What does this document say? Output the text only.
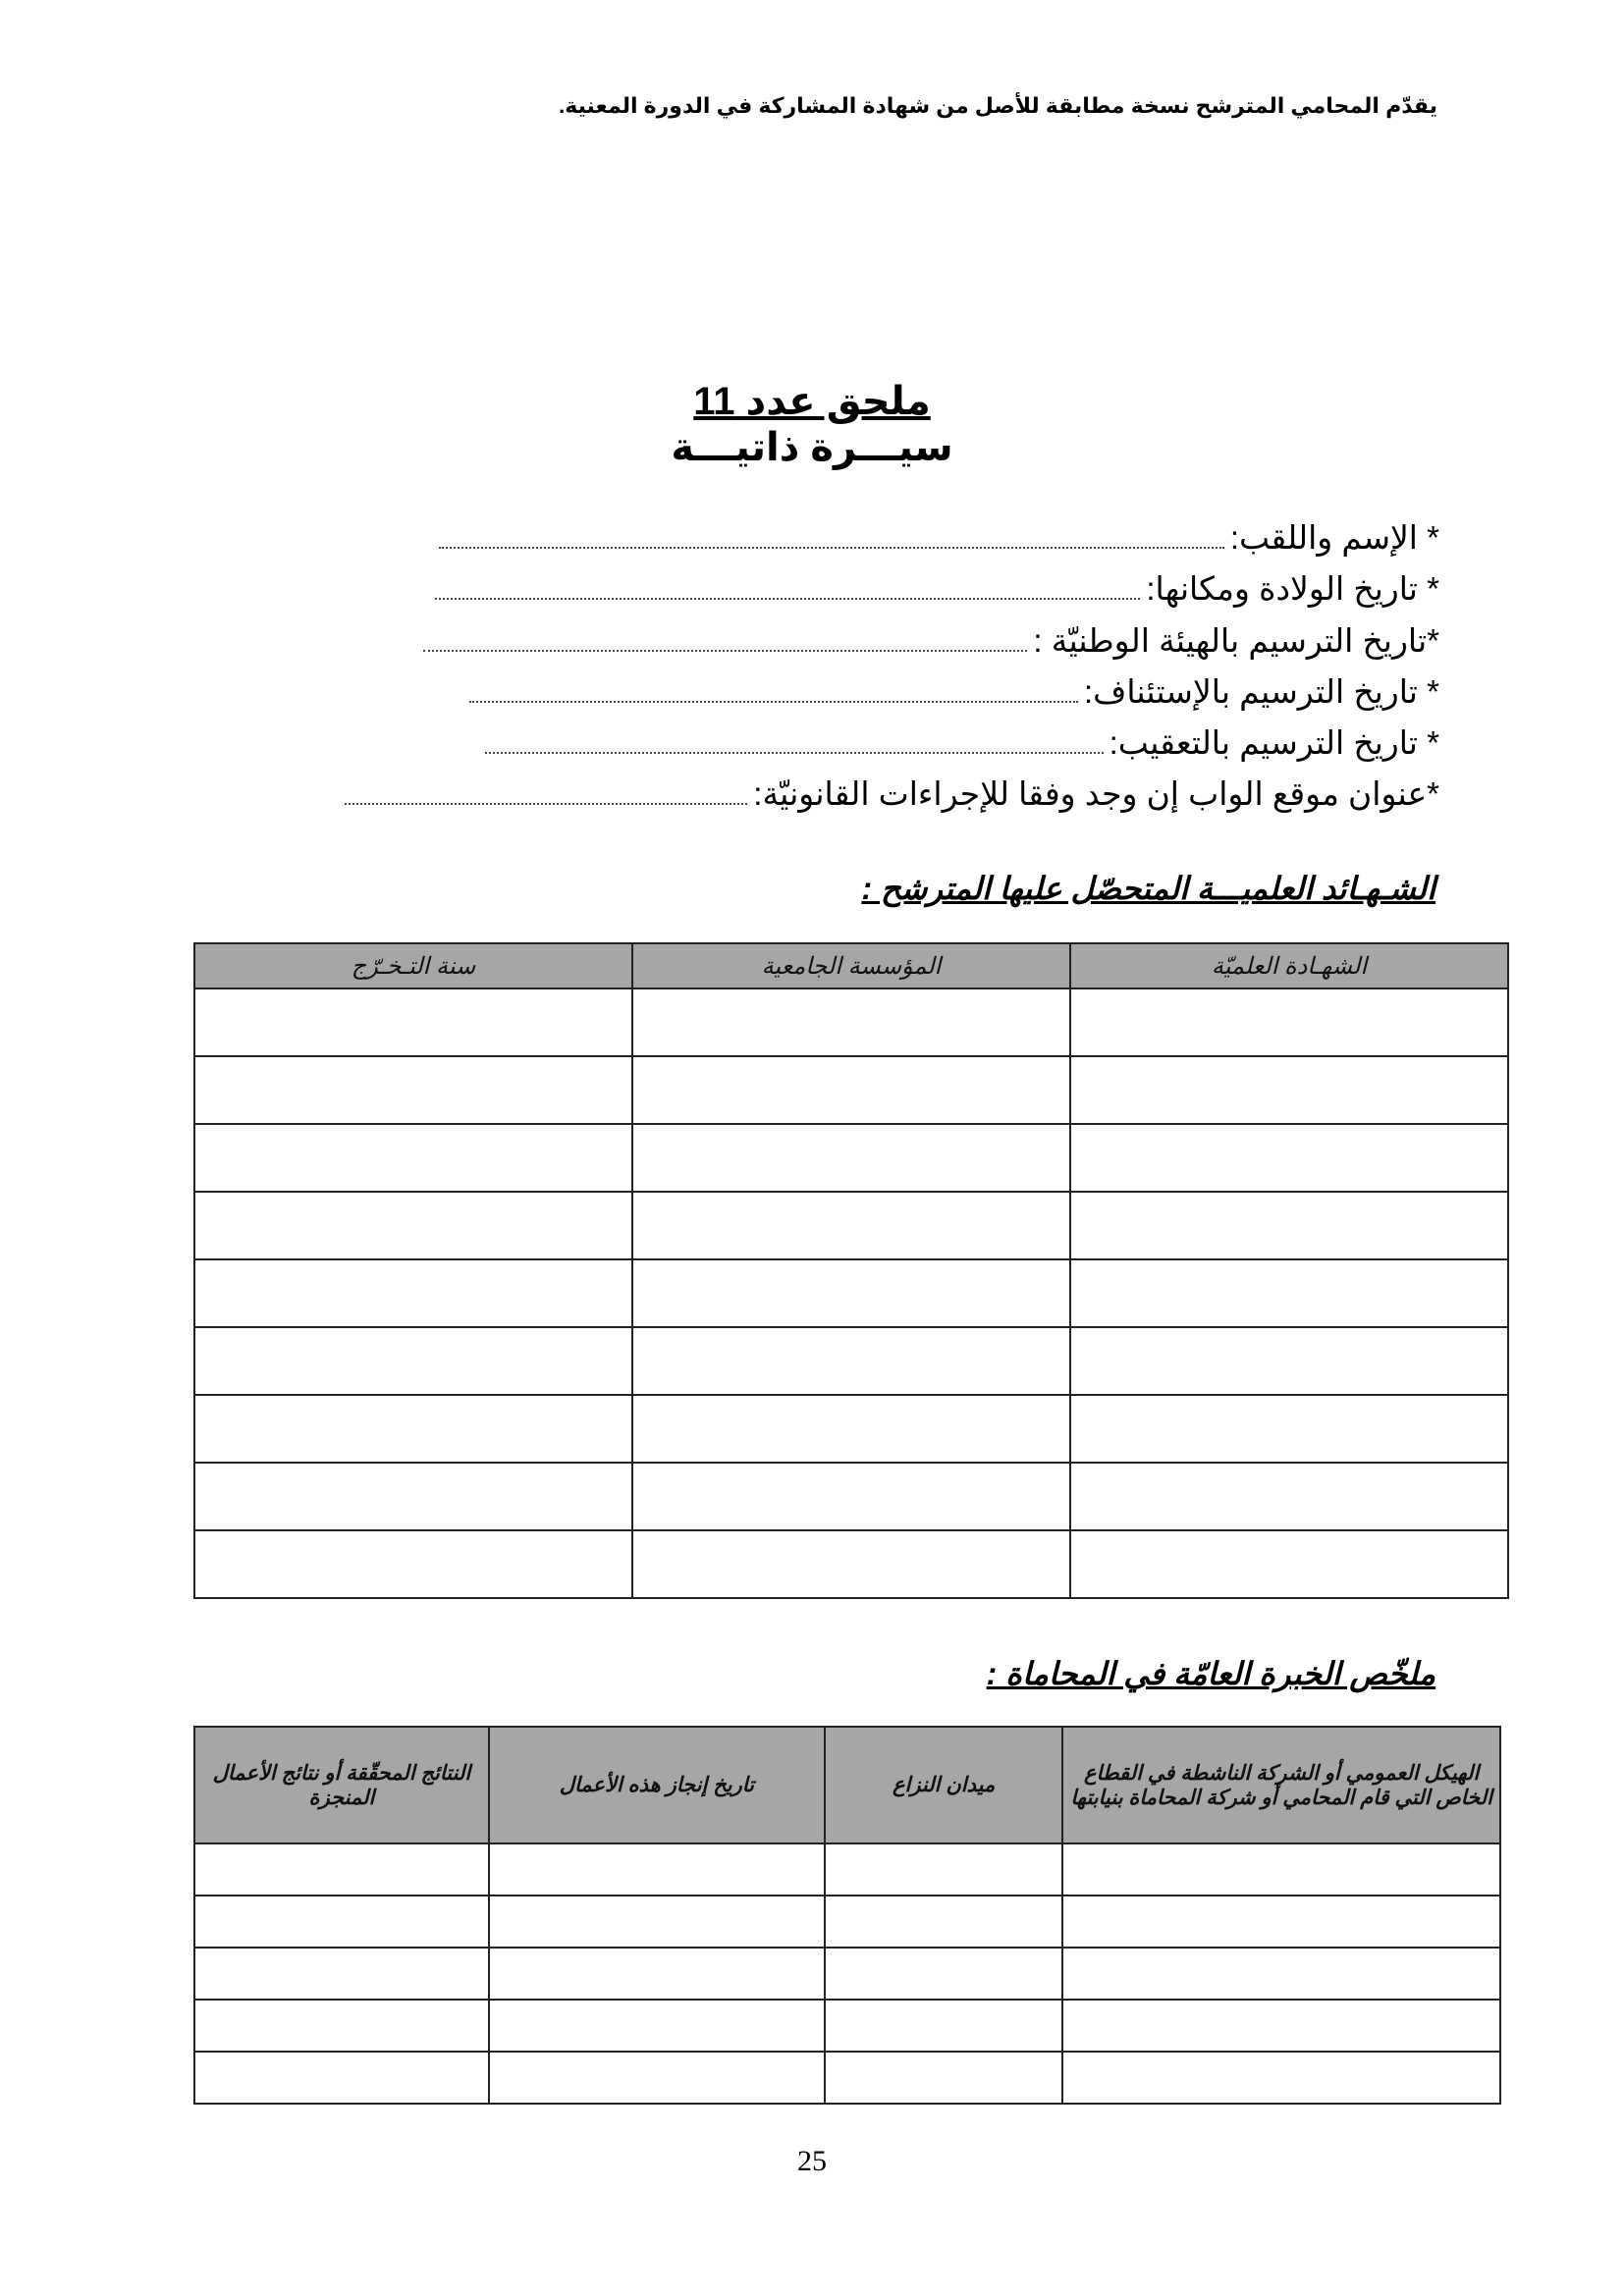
يقدّم المحامي المترشح نسخة مطابقة للأصل من شهادة المشاركة في الدورة المعنية.
ملحق عدد 11
سيـــرة ذاتيـــة
* الإسم واللقب:
* تاريخ الولادة ومكانها:
*تاريخ الترسيم بالهيئة الوطنيّة :
* تاريخ الترسيم بالإستئناف:
* تاريخ الترسيم بالتعقيب:
*عنوان موقع الواب إن وجد وفقا للإجراءات القانونيّة:
الشـهـائد العلميـــة المتحصّل عليها المترشح :
الشهـادة العلميّة	المؤسسة الجامعية	سنة التـخـرّج

ملخّص الخبرة العامّة في المحاماة :
الهيكل العمومي أو الشركة الناشطة في القطاع الخاص التي قام المحامي أو شركة المحاماة بنيابتها	ميدان النزاع	تاريخ إنجاز هذه الأعمال	النتائج المحقّقة أو نتائج الأعمال المنجزة

25
